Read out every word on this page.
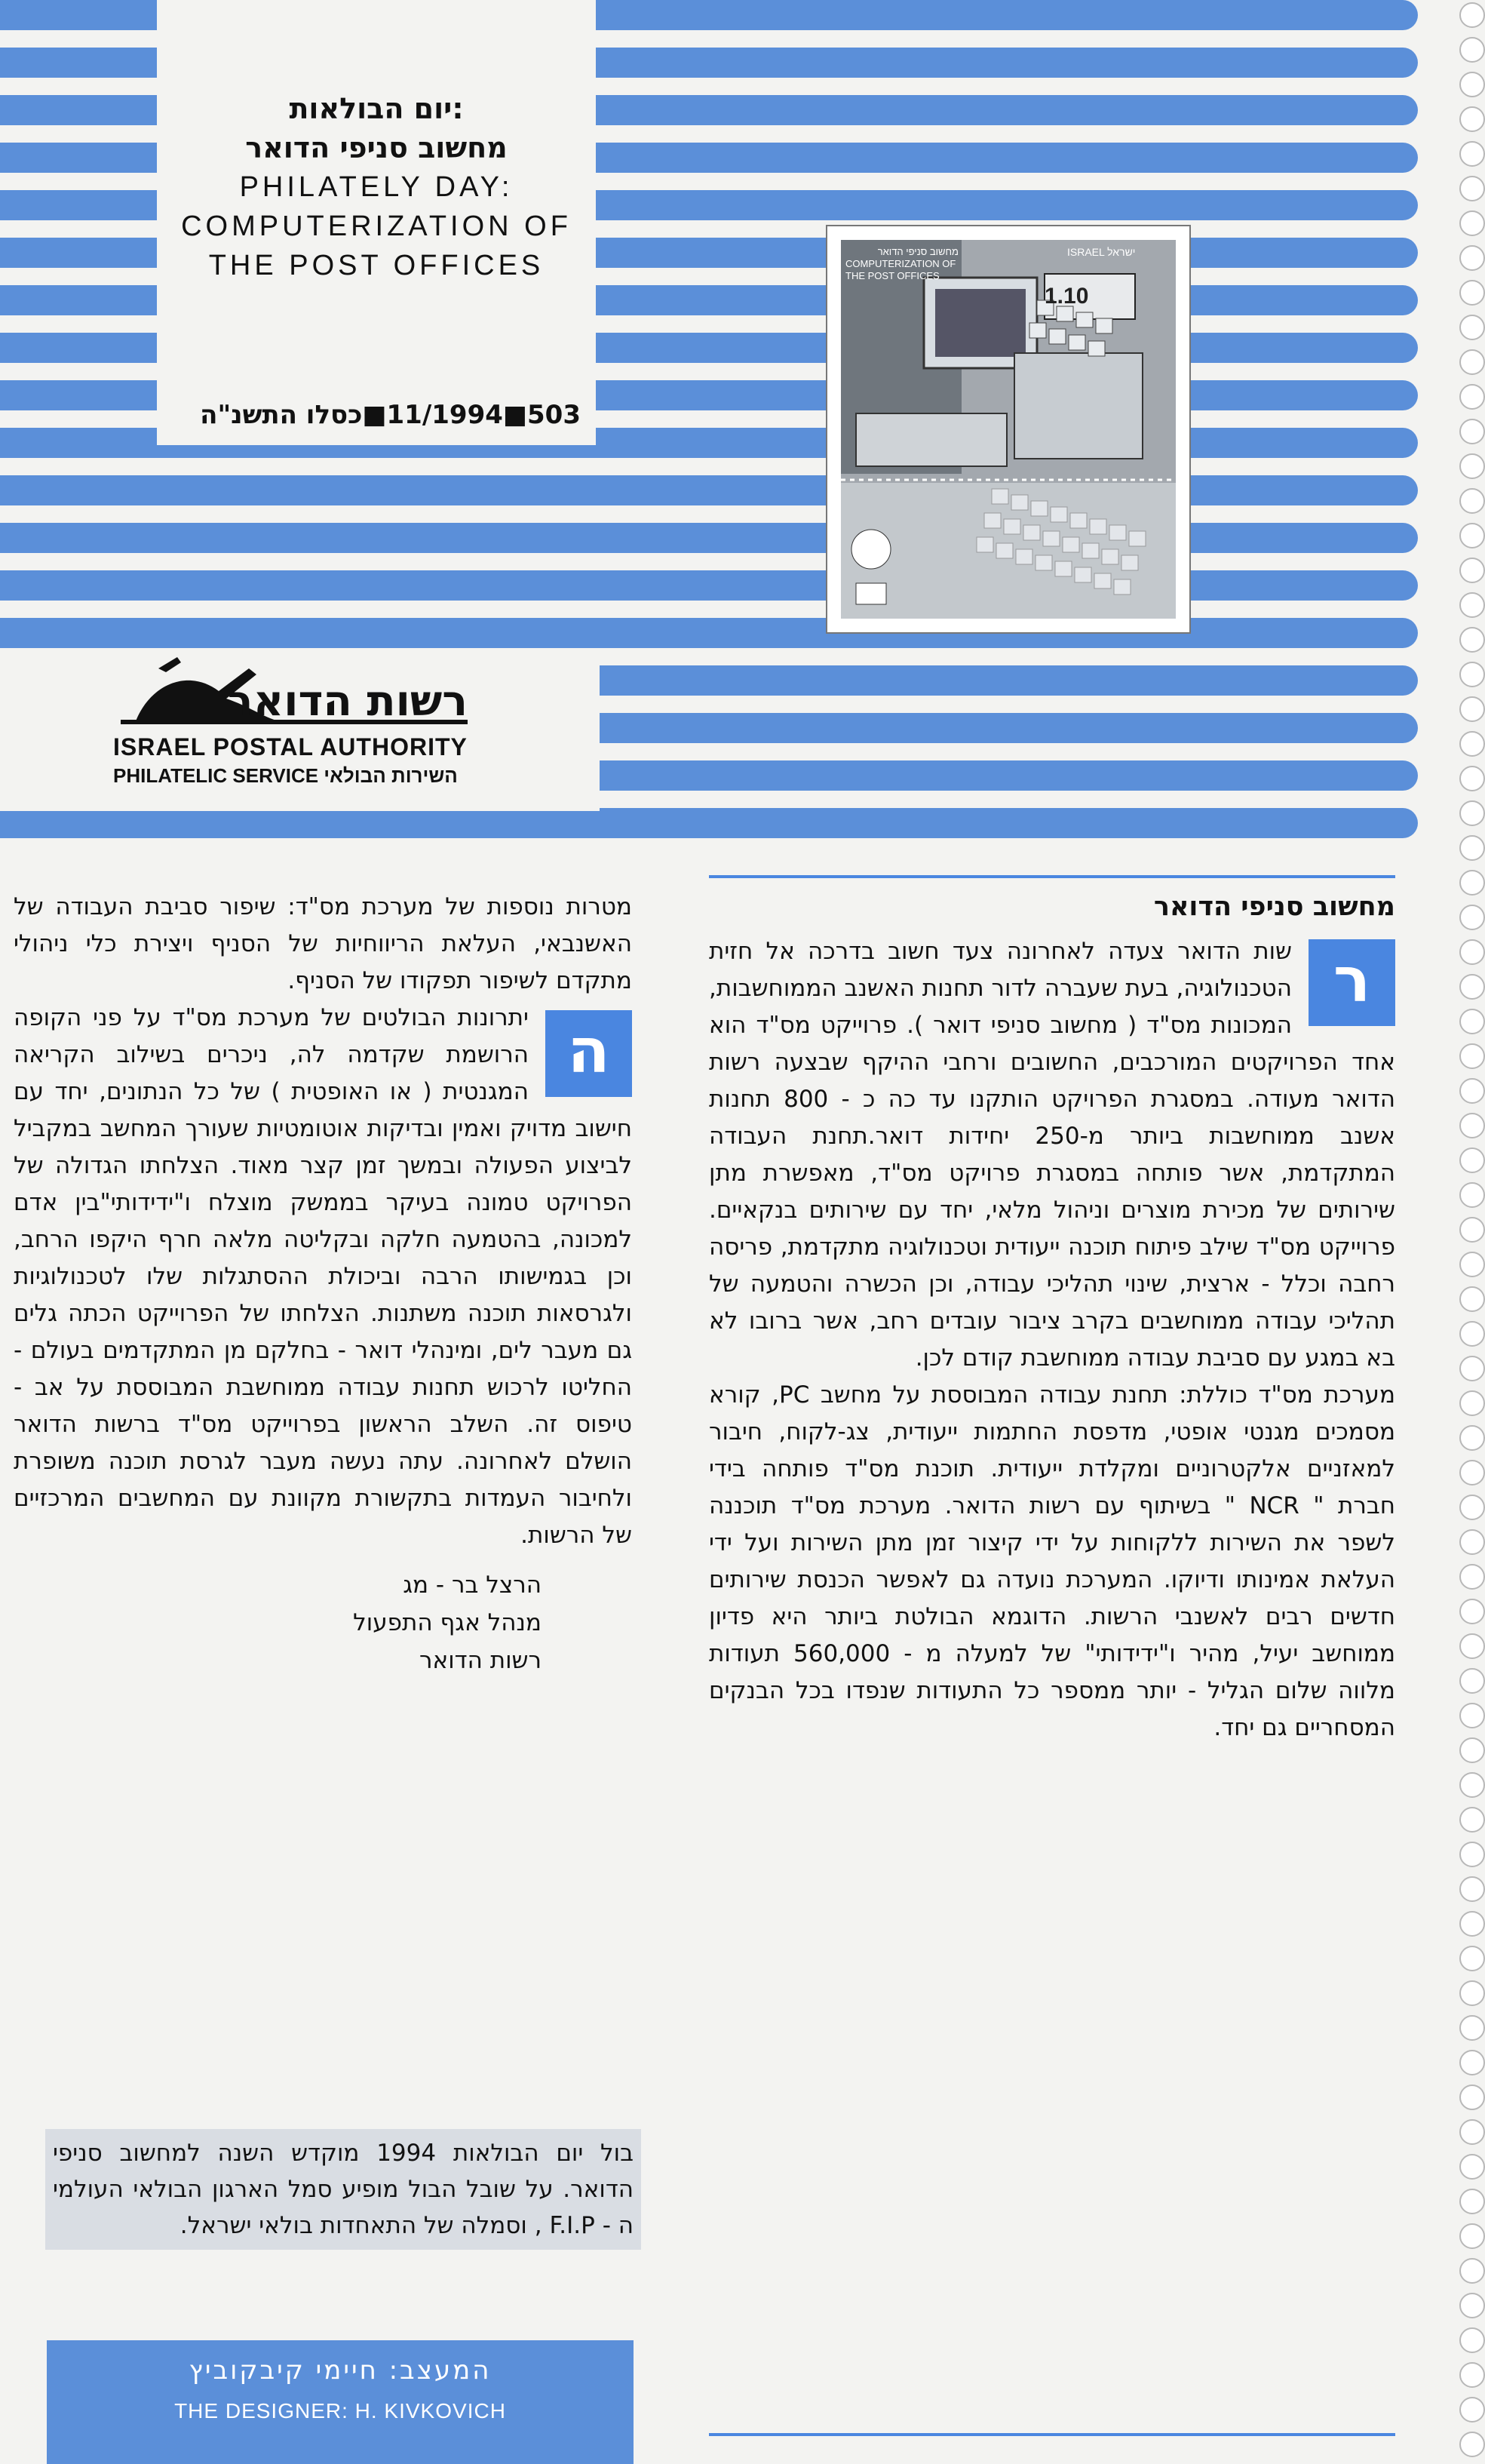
יום הבולאות:
מחשוב סניפי הדואר
PHILATELY DAY:
COMPUTERIZATION OF
THE POST OFFICES
503■11/1994■כסלו התשנ"ה
מחשוב סניפי הדואר
COMPUTERIZATION OF THE POST OFFICES
ISRAEL ישראל
1.10
רשות הדואר
ISRAEL POSTAL AUTHORITY
PHILATELIC SERVICE השירות הבולאי
מחשוב סניפי הדואר
ר
שות הדואר צעדה לאחרונה צעד חשוב בדרכה אל חזית הטכנולוגיה, בעת שעברה לדור תחנות האשנב הממוחשבות, המכונות מס"ד ( מחשוב סניפי דואר ). פרוייקט מס"ד הוא אחד הפרויקטים המורכבים, החשובים ורחבי ההיקף שבצעה רשות הדואר מעודה. במסגרת הפרויקט הותקנו עד כה כ - 800 תחנות אשנב ממוחשבות ביותר מ-250 יחידות דואר.תחנת העבודה המתקדמת, אשר פותחה במסגרת פרויקט מס"ד, מאפשרת מתן שירותים של מכירת מוצרים וניהול מלאי, יחד עם שירותים בנקאיים. פרוייקט מס"ד שילב פיתוח תוכנה ייעודית וטכנולוגיה מתקדמת, פריסה רחבה וכלל - ארצית, שינוי תהליכי עבודה, וכן הכשרה והטמעה של תהליכי עבודה ממוחשבים בקרב ציבור עובדים רחב, אשר ברובו לא בא במגע עם סביבת עבודה ממוחשבת קודם לכן.
מערכת מס"ד כוללת: תחנת עבודה המבוססת על מחשב PC, קורא מסמכים מגנטי אופטי, מדפסת החתמות ייעודית, צג-לקוח, חיבור למאזניים אלקטרוניים ומקלדת ייעודית. תוכנת מס"ד פותחה בידי חברת " NCR " בשיתוף עם רשות הדואר. מערכת מס"ד תוכננה לשפר את השירות ללקוחות על ידי קיצור זמן מתן השירות ועל ידי העלאת אמינותו ודיוקו. המערכת נועדה גם לאפשר הכנסת שירותים חדשים רבים לאשנבי הרשות. הדוגמא הבולטת ביותר היא פדיון ממוחשב יעיל, מהיר ו"ידידותי" של למעלה מ - 560,000 תעודות מלווה שלום הגליל - יותר ממספר כל התעודות שנפדו בכל הבנקים המסחריים גם יחד.
מטרות נוספות של מערכת מס"ד: שיפור סביבת העבודה של האשנבאי, העלאת הריווחיות של הסניף ויצירת כלי ניהולי מתקדם לשיפור תפקודו של הסניף.
ה
יתרונות הבולטים של מערכת מס"ד על פני הקופה הרושמת שקדמה לה, ניכרים בשילוב הקריאה המגנטית ( או האופטית ) של כל הנתונים, יחד עם חישוב מדויק ואמין ובדיקות אוטומטיות שעורך המחשב במקביל לביצוע הפעולה ובמשך זמן קצר מאוד. הצלחתו הגדולה של הפרויקט טמונה בעיקר בממשק מוצלח ו"ידידותי"בין אדם למכונה, בהטמעה חלקה ובקליטה מלאה חרף היקפו הרחב, וכן בגמישותו הרבה וביכולת ההסתגלות שלו לטכנולוגיות ולגרסאות תוכנה משתנות. הצלחתו של הפרוייקט הכתה גלים גם מעבר לים, ומינהלי דואר - בחלקם מן המתקדמים בעולם - החליטו לרכוש תחנות עבודה ממוחשבת המבוססת על אב - טיפוס זה. השלב הראשון בפרוייקט מס"ד ברשות הדואר הושלם לאחרונה. עתה נעשה מעבר לגרסת תוכנה משופרת ולחיבור העמדות בתקשורת מקוונת עם המחשבים המרכזיים של הרשות.
הרצל בר - מג
מנהל אגף התפעול
רשות הדואר
בול יום הבולאות 1994 מוקדש השנה למחשוב סניפי הדואר. על שובל הבול מופיע סמל הארגון הבולאי העולמי ה - F.I.P , וסמלה של התאחדות בולאי ישראל.
המעצב: חיימי קיבקוביץ
THE DESIGNER: H. KIVKOVICH
